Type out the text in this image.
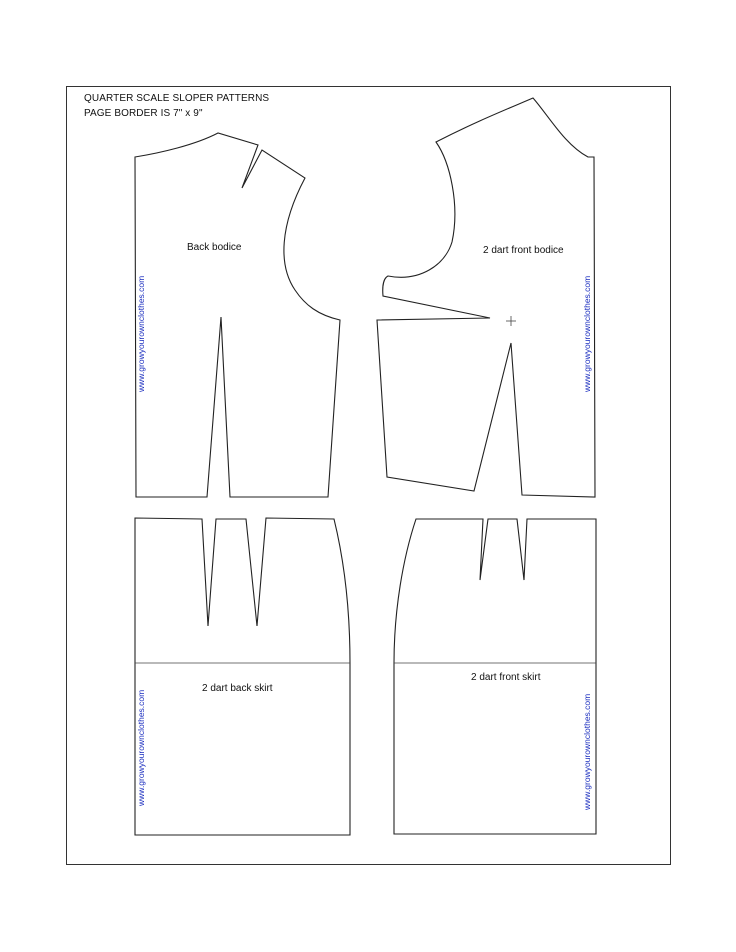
QUARTER SCALE SLOPER PATTERNS
PAGE BORDER IS 7" x 9"
Back bodice
www.growyourownclothes.com
2 dart front bodice
www.growyourownclothes.com
2 dart back skirt
www.growyourownclothes.com
2 dart front skirt
www.growyourownclothes.com
